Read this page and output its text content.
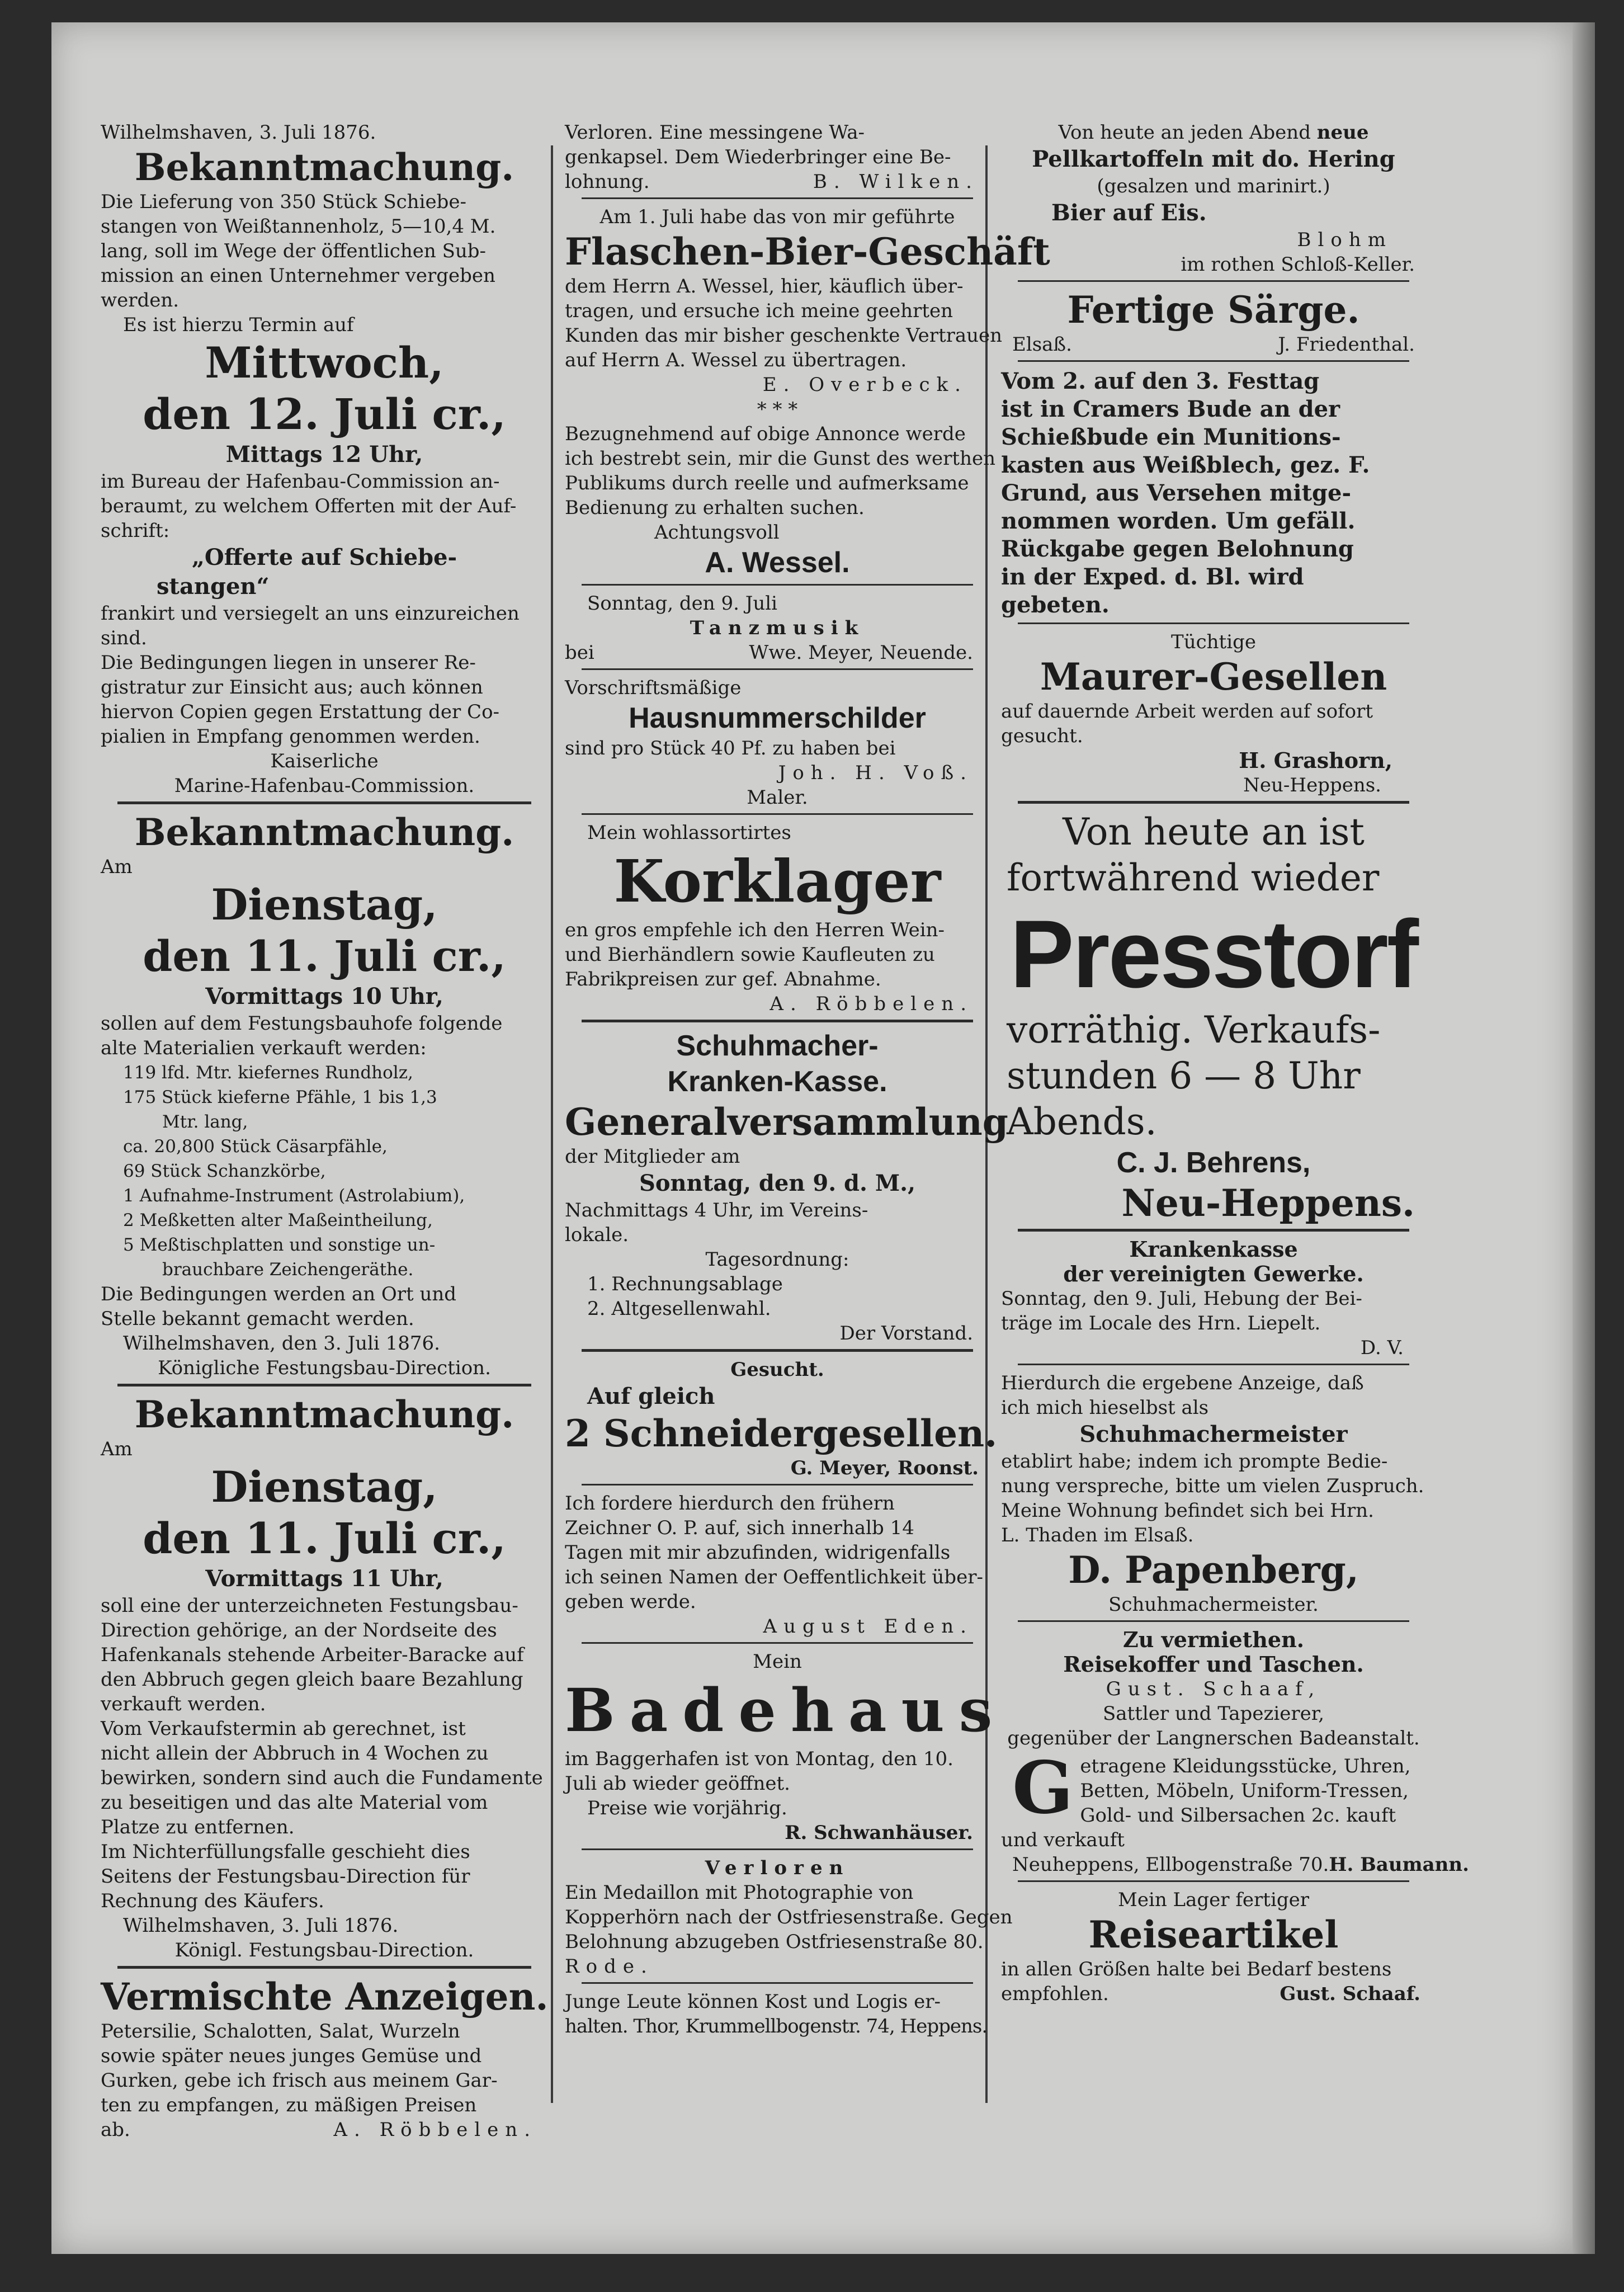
Wilhelmshaven, 3. Juli 1876.
Bekanntmachung.
Die Lieferung von 350 Stück Schiebe-
stangen von Weißtannenholz, 5—10,4 M.
lang, soll im Wege der öffentlichen Sub-
mission an einen Unternehmer vergeben
werden.
Es ist hierzu Termin auf
Mittwoch,
den 12. Juli cr.,
Mittags 12 Uhr,
im Bureau der Hafenbau-Commission an-
beraumt, zu welchem Offerten mit der Auf-
schrift:
„Offerte auf Schiebe-
stangen“
frankirt und versiegelt an uns einzureichen
sind.
Die Bedingungen liegen in unserer Re-
gistratur zur Einsicht aus; auch können
hiervon Copien gegen Erstattung der Co-
pialien in Empfang genommen werden.
Kaiserliche
Marine-Hafenbau-Commission.
Bekanntmachung.
Am
Dienstag,
den 11. Juli cr.,
Vormittags 10 Uhr,
sollen auf dem Festungsbauhofe folgende
alte Materialien verkauft werden:
119 lfd. Mtr. kiefernes Rundholz,
175 Stück kieferne Pfähle, 1 bis 1,3
Mtr. lang,
ca. 20,800 Stück Cäsarpfähle,
69 Stück Schanzkörbe,
1 Aufnahme-Instrument (Astrolabium),
2 Meßketten alter Maßeintheilung,
5 Meßtischplatten und sonstige un-
brauchbare Zeichengeräthe.
Die Bedingungen werden an Ort und
Stelle bekannt gemacht werden.
Wilhelmshaven, den 3. Juli 1876.
Königliche Festungsbau-Direction.
Bekanntmachung.
Am
Dienstag,
den 11. Juli cr.,
Vormittags 11 Uhr,
soll eine der unterzeichneten Festungsbau-
Direction gehörige, an der Nordseite des
Hafenkanals stehende Arbeiter-Baracke auf
den Abbruch gegen gleich baare Bezahlung
verkauft werden.
Vom Verkaufstermin ab gerechnet, ist
nicht allein der Abbruch in 4 Wochen zu
bewirken, sondern sind auch die Fundamente
zu beseitigen und das alte Material vom
Platze zu entfernen.
Im Nichterfüllungsfalle geschieht dies
Seitens der Festungsbau-Direction für
Rechnung des Käufers.
Wilhelmshaven, 3. Juli 1876.
Königl. Festungsbau-Direction.
Vermischte Anzeigen.
Petersilie, Schalotten, Salat, Wurzeln
sowie später neues junges Gemüse und
Gurken, gebe ich frisch aus meinem Gar-
ten zu empfangen, zu mäßigen Preisen
ab.	A. Röbbelen.
Verloren. Eine messingene Wa-
genkapsel. Dem Wiederbringer eine Be-
lohnung.	B. Wilken.
Am 1. Juli habe das von mir geführte
Flaschen-Bier-Geschäft
dem Herrn A. Wessel, hier, käuflich über-
tragen, und ersuche ich meine geehrten
Kunden das mir bisher geschenkte Vertrauen
auf Herrn A. Wessel zu übertragen.
E. Overbeck.
* * *
Bezugnehmend auf obige Annonce werde
ich bestrebt sein, mir die Gunst des werthen
Publikums durch reelle und aufmerksame
Bedienung zu erhalten suchen.
Achtungsvoll
A. Wessel.
Sonntag, den 9. Juli
Tanzmusik
bei	Wwe. Meyer, Neuende.
Vorschriftsmäßige
Hausnummerschilder
sind pro Stück 40 Pf. zu haben bei
Joh. H. Voß.
Maler.
Mein wohlassortirtes
Korklager
en gros empfehle ich den Herren Wein-
und Bierhändlern sowie Kaufleuten zu
Fabrikpreisen zur gef. Abnahme.
A. Röbbelen.
Schuhmacher-
Kranken-Kasse.
Generalversammlung
der Mitglieder am
Sonntag, den 9. d. M.,
Nachmittags 4 Uhr, im Vereins-
lokale.
Tagesordnung:
1. Rechnungsablage
2. Altgesellenwahl.
Der Vorstand.
Gesucht.
Auf gleich
2 Schneidergesellen.
G. Meyer, Roonst.
Ich fordere hierdurch den frühern
Zeichner O. P. auf, sich innerhalb 14
Tagen mit mir abzufinden, widrigenfalls
ich seinen Namen der Oeffentlichkeit über-
geben werde.
August Eden.
Mein
Badehaus
im Baggerhafen ist von Montag, den 10.
Juli ab wieder geöffnet.
Preise wie vorjährig.
R. Schwanhäuser.
Verloren
Ein Medaillon mit Photographie von
Kopperhörn nach der Ostfriesenstraße. Gegen
Belohnung abzugeben Ostfriesenstraße 80.
Rode.
Junge Leute können Kost und Logis er-
halten. Thor, Krummellbogenstr. 74, Heppens.
Von heute an jeden Abend neue
Pellkartoffeln mit do. Hering
(gesalzen und marinirt.)
Bier auf Eis.
Blohm
im rothen Schloß-Keller.
Fertige Särge.
Elsaß.	J. Friedenthal.
Vom 2. auf den 3. Festtag
ist in Cramers Bude an der
Schießbude ein Munitions-
kasten aus Weißblech, gez. F.
Grund, aus Versehen mitge-
nommen worden. Um gefäll.
Rückgabe gegen Belohnung
in der Exped. d. Bl. wird
gebeten.
Tüchtige
Maurer-Gesellen
auf dauernde Arbeit werden auf sofort
gesucht.
H. Grashorn,
Neu-Heppens.
Von heute an ist
fortwährend wieder
Presstorf
vorräthig. Verkaufs-
stunden 6 — 8 Uhr
Abends.
C. J. Behrens,
Neu-Heppens.
Krankenkasse
der vereinigten Gewerke.
Sonntag, den 9. Juli, Hebung der Bei-
träge im Locale des Hrn. Liepelt.
D. V.
Hierdurch die ergebene Anzeige, daß
ich mich hieselbst als
Schuhmachermeister
etablirt habe; indem ich prompte Bedie-
nung verspreche, bitte um vielen Zuspruch.
Meine Wohnung befindet sich bei Hrn.
L. Thaden im Elsaß.
D. Papenberg,
Schuhmachermeister.
Zu vermiethen.
Reisekoffer und Taschen.
Gust. Schaaf,
Sattler und Tapezierer,
gegenüber der Langnerschen Badeanstalt.
G etragene Kleidungsstücke, Uhren,
Betten, Möbeln, Uniform-Tressen,
Gold- und Silbersachen 2c. kauft
und verkauft
Neuheppens, Ellbogenstraße 70. H. Baumann.
Mein Lager fertiger
Reiseartikel
in allen Größen halte bei Bedarf bestens
empfohlen.	Gust. Schaaf.
